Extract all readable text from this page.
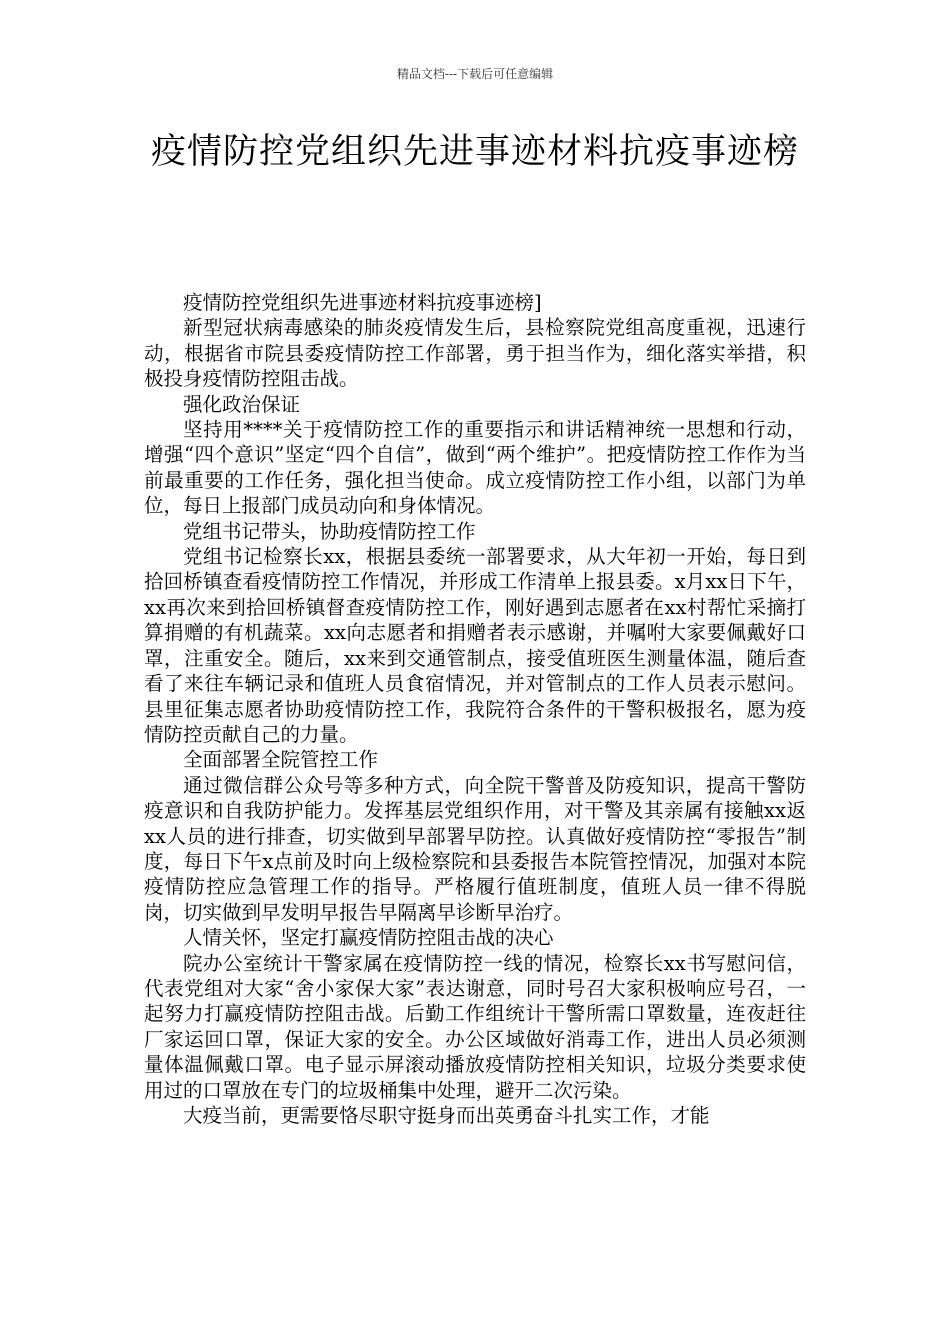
精品文档---下载后可任意编辑
疫情防控党组织先进事迹材料抗疫事迹榜

疫情防控党组织先进事迹材料抗疫事迹榜]

新型冠状病毒感染的肺炎疫情发生后，县检察院党组高度重视，迅速行动，根据省市院县委疫情防控工作部署，勇于担当作为，细化落实举措，积极投身疫情防控阻击战。

强化政治保证

坚持用****关于疫情防控工作的重要指示和讲话精神统一思想和行动，增强“四个意识”坚定“四个自信”，做到“两个维护”。把疫情防控工作作为当前最重要的工作任务，强化担当使命。成立疫情防控工作小组，以部门为单位，每日上报部门成员动向和身体情况。

党组书记带头，协助疫情防控工作

党组书记检察长xx，根据县委统一部署要求，从大年初一开始，每日到拾回桥镇查看疫情防控工作情况，并形成工作清单上报县委。x月xx日下午，xx再次来到拾回桥镇督查疫情防控工作，刚好遇到志愿者在xx村帮忙采摘打算捐赠的有机蔬菜。xx向志愿者和捐赠者表示感谢，并嘱咐大家要佩戴好口罩，注重安全。随后，xx来到交通管制点，接受值班医生测量体温，随后查看了来往车辆记录和值班人员食宿情况，并对管制点的工作人员表示慰问。县里征集志愿者协助疫情防控工作，我院符合条件的干警积极报名，愿为疫情防控贡献自己的力量。

全面部署全院管控工作

通过微信群公众号等多种方式，向全院干警普及防疫知识，提高干警防疫意识和自我防护能力。发挥基层党组织作用，对干警及其亲属有接触xx返xx人员的进行排查，切实做到早部署早防控。认真做好疫情防控“零报告”制度，每日下午x点前及时向上级检察院和县委报告本院管控情况，加强对本院疫情防控应急管理工作的指导。严格履行值班制度，值班人员一律不得脱岗，切实做到早发明早报告早隔离早诊断早治疗。

人情关怀，坚定打赢疫情防控阻击战的决心

院办公室统计干警家属在疫情防控一线的情况，检察长xx书写慰问信，代表党组对大家“舍小家保大家”表达谢意，同时号召大家积极响应号召，一起努力打赢疫情防控阻击战。后勤工作组统计干警所需口罩数量，连夜赶往厂家运回口罩，保证大家的安全。办公区域做好消毒工作，进出人员必须测量体温佩戴口罩。电子显示屏滚动播放疫情防控相关知识，垃圾分类要求使用过的口罩放在专门的垃圾桶集中处理，避开二次污染。

大疫当前，更需要恪尽职守挺身而出英勇奋斗扎实工作，才能
